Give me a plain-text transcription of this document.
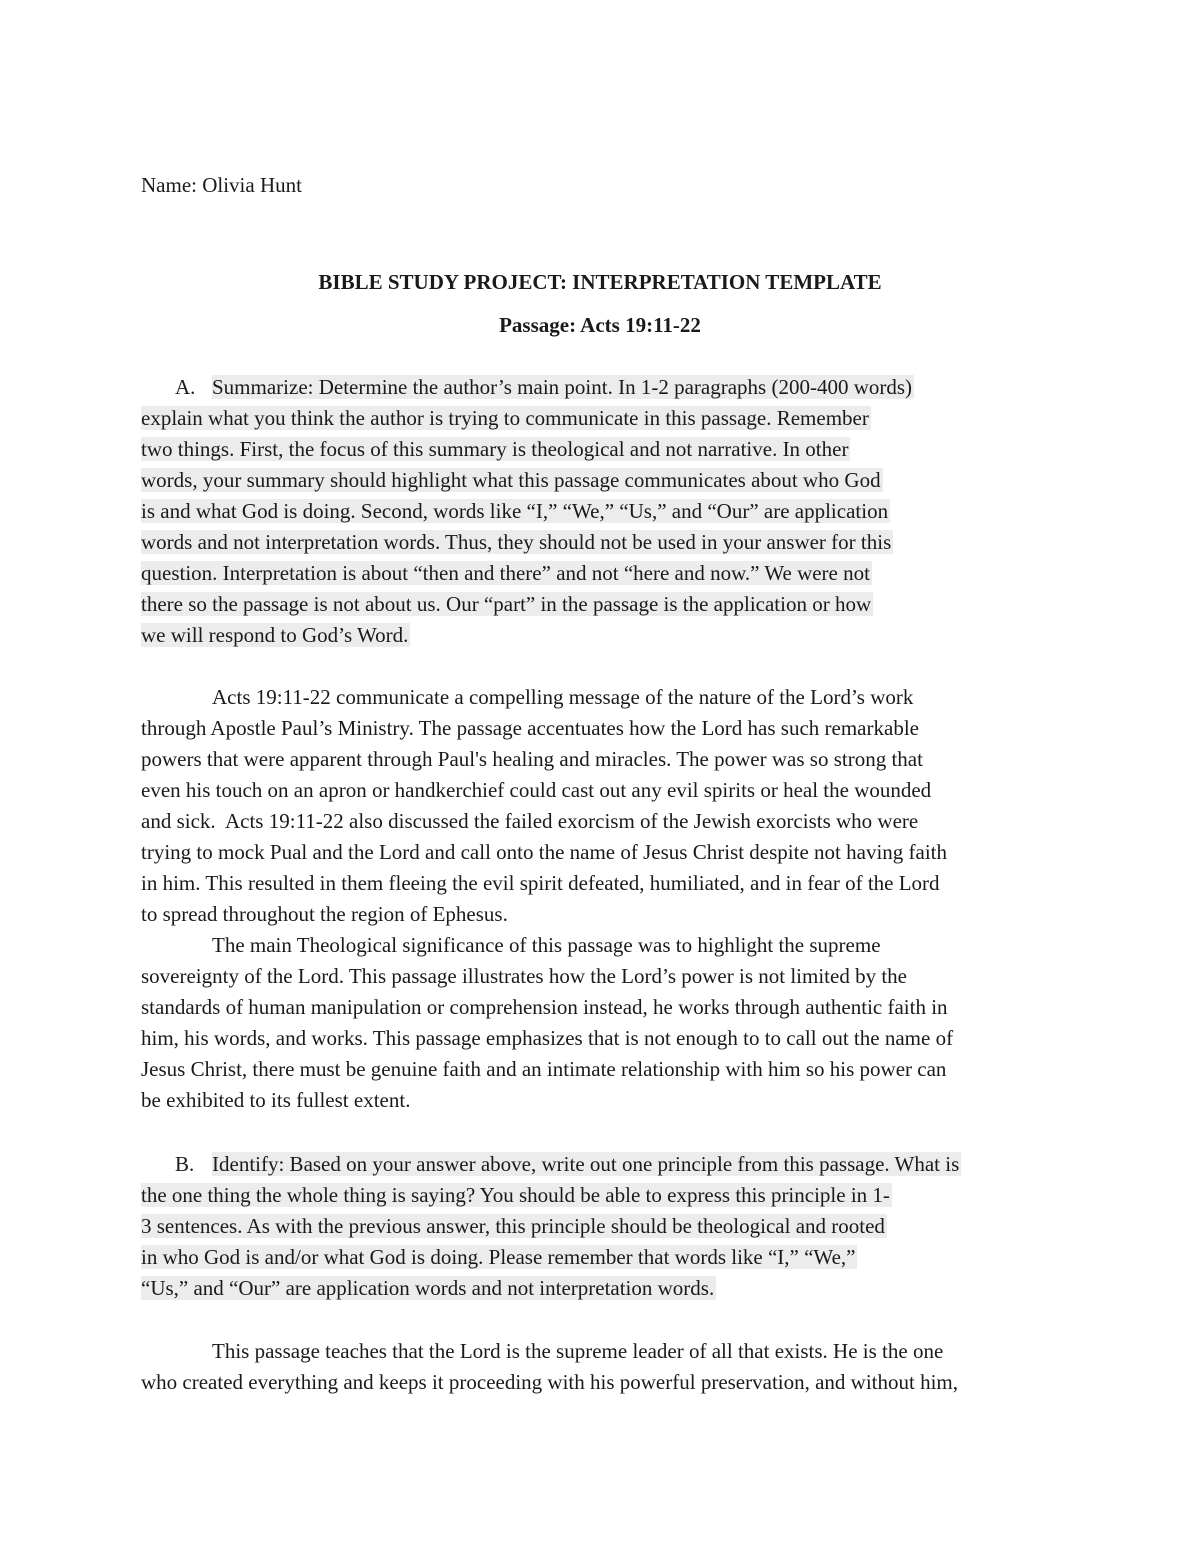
Name: Olivia Hunt
BIBLE STUDY PROJECT: INTERPRETATION TEMPLATE
Passage: Acts 19:11-22
A. Summarize: Determine the author’s main point. In 1-2 paragraphs (200-400 words)
explain what you think the author is trying to communicate in this passage. Remember
two things. First, the focus of this summary is theological and not narrative. In other
words, your summary should highlight what this passage communicates about who God
is and what God is doing. Second, words like “I,” “We,” “Us,” and “Our” are application
words and not interpretation words. Thus, they should not be used in your answer for this
question. Interpretation is about “then and there” and not “here and now.” We were not
there so the passage is not about us. Our “part” in the passage is the application or how
we will respond to God’s Word.
Acts 19:11-22 communicate a compelling message of the nature of the Lord’s work
through Apostle Paul’s Ministry. The passage accentuates how the Lord has such remarkable
powers that were apparent through Paul's healing and miracles. The power was so strong that
even his touch on an apron or handkerchief could cast out any evil spirits or heal the wounded
and sick.  Acts 19:11-22 also discussed the failed exorcism of the Jewish exorcists who were
trying to mock Pual and the Lord and call onto the name of Jesus Christ despite not having faith
in him. This resulted in them fleeing the evil spirit defeated, humiliated, and in fear of the Lord
to spread throughout the region of Ephesus.
The main Theological significance of this passage was to highlight the supreme
sovereignty of the Lord. This passage illustrates how the Lord’s power is not limited by the
standards of human manipulation or comprehension instead, he works through authentic faith in
him, his words, and works. This passage emphasizes that is not enough to to call out the name of
Jesus Christ, there must be genuine faith and an intimate relationship with him so his power can
be exhibited to its fullest extent.
B. Identify: Based on your answer above, write out one principle from this passage. What is
the one thing the whole thing is saying? You should be able to express this principle in 1-
3 sentences. As with the previous answer, this principle should be theological and rooted
in who God is and/or what God is doing. Please remember that words like “I,” “We,”
“Us,” and “Our” are application words and not interpretation words.
This passage teaches that the Lord is the supreme leader of all that exists. He is the one
who created everything and keeps it proceeding with his powerful preservation, and without him,
